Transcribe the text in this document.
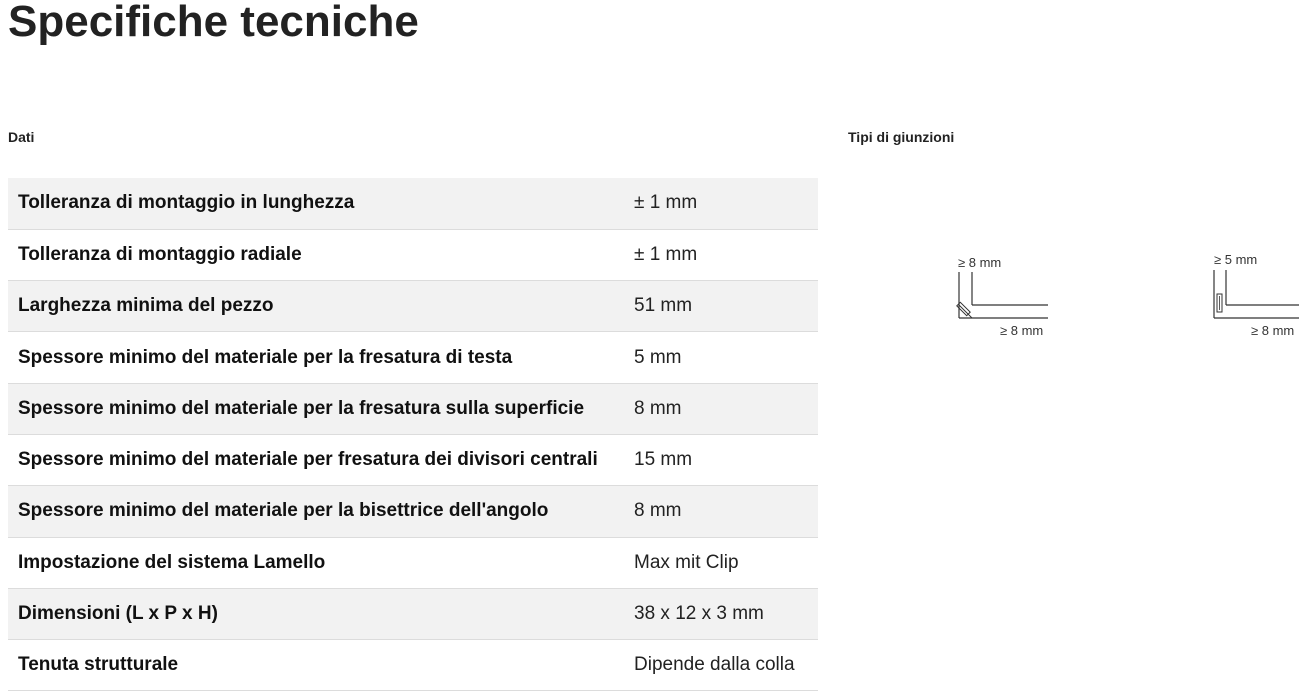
Specifiche tecniche
Dati	Tipi di giunzioni
Tolleranza di montaggio in lunghezza	± 1 mm
Tolleranza di montaggio radiale	± 1 mm
Larghezza minima del pezzo	51 mm
Spessore minimo del materiale per la fresatura di testa	5 mm
Spessore minimo del materiale per la fresatura sulla superficie	8 mm
Spessore minimo del materiale per fresatura dei divisori centrali	15 mm
Spessore minimo del materiale per la bisettrice dell'angolo	8 mm
Impostazione del sistema Lamello	Max mit Clip
Dimensioni (L x P x H)	38 x 12 x 3 mm
Tenuta strutturale	Dipende dalla colla
≥ 8 mm
≥ 8 mm
≥ 5 mm
≥ 8 mm
